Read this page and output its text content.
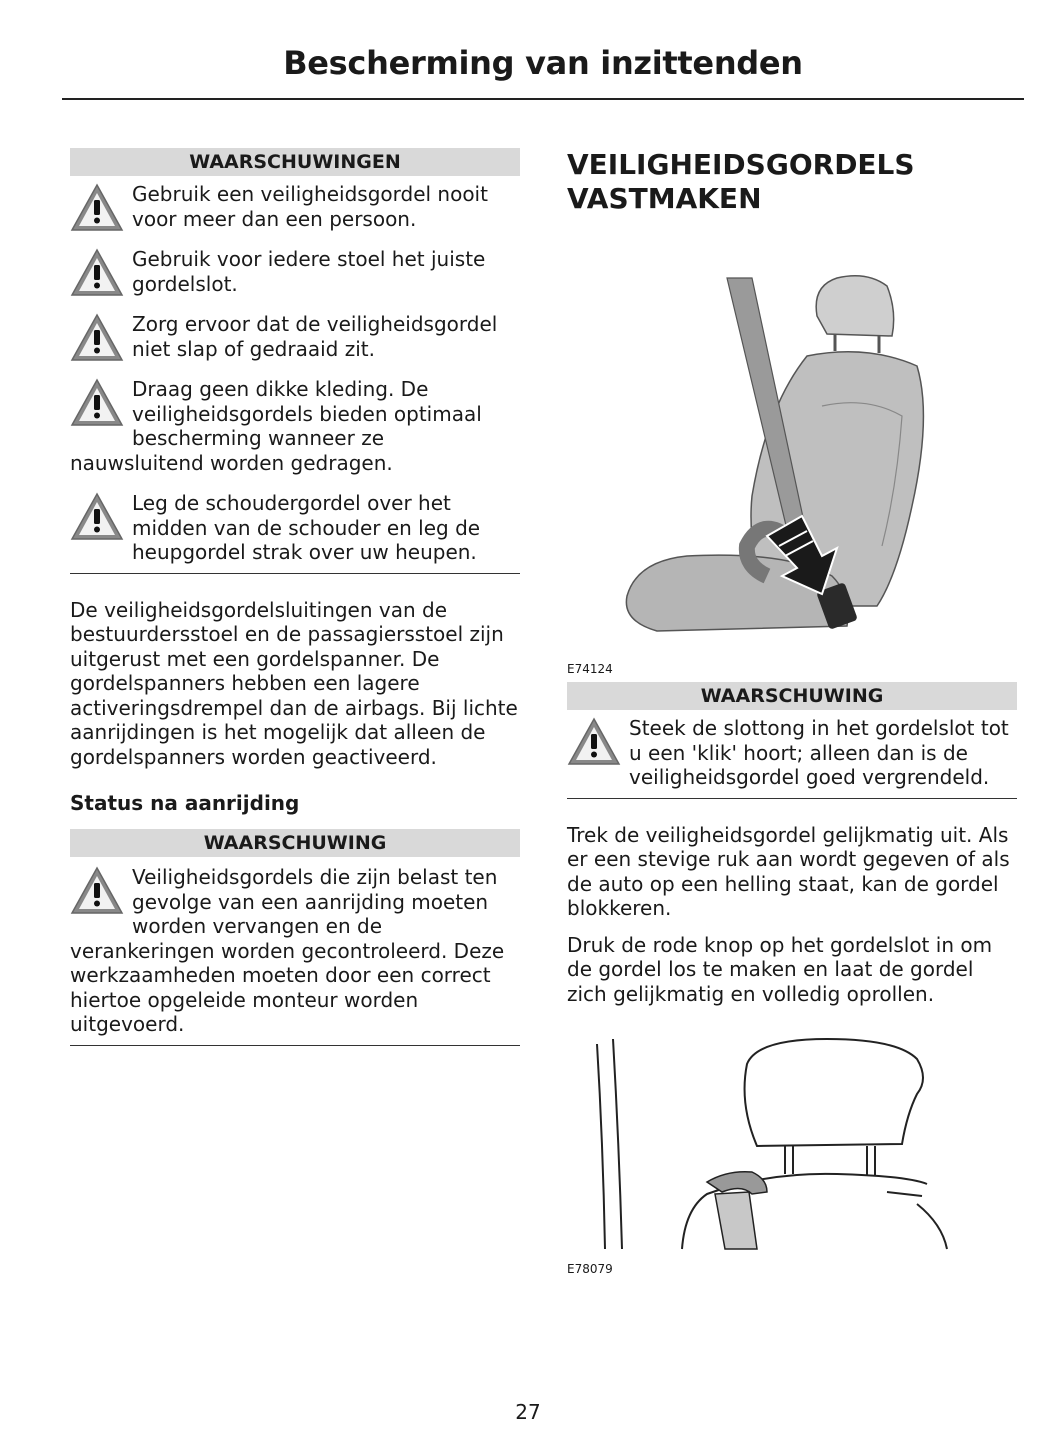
Bescherming van inzittenden
WAARSCHUWINGEN
Gebruik een veiligheidsgordel nooit voor meer dan een persoon.
Gebruik voor iedere stoel het juiste gordelslot.
Zorg ervoor dat de veiligheidsgordel niet slap of gedraaid zit.
Draag geen dikke kleding. De veiligheidsgordels bieden optimaal bescherming wanneer ze nauwsluitend worden gedragen.
Leg de schoudergordel over het midden van de schouder en leg de heupgordel strak over uw heupen.

De veiligheidsgordelsluitingen van de bestuurdersstoel en de passagiersstoel zijn uitgerust met een gordelspanner. De gordelspanners hebben een lagere activeringsdrempel dan de airbags. Bij lichte aanrijdingen is het mogelijk dat alleen de gordelspanners worden geactiveerd.

Status na aanrijding
WAARSCHUWING
Veiligheidsgordels die zijn belast ten gevolge van een aanrijding moeten worden vervangen en de verankeringen worden gecontroleerd. Deze werkzaamheden moeten door een correct hiertoe opgeleide monteur worden uitgevoerd.
VEILIGHEIDSGORDELS VASTMAKEN
E74124
WAARSCHUWING
Steek de slottong in het gordelslot tot u een 'klik' hoort; alleen dan is de veiligheidsgordel goed vergrendeld.

Trek de veiligheidsgordel gelijkmatig uit. Als er een stevige ruk aan wordt gegeven of als de auto op een helling staat, kan de gordel blokkeren.

Druk de rode knop op het gordelslot in om de gordel los te maken en laat de gordel zich gelijkmatig en volledig oprollen.

E78079
27
